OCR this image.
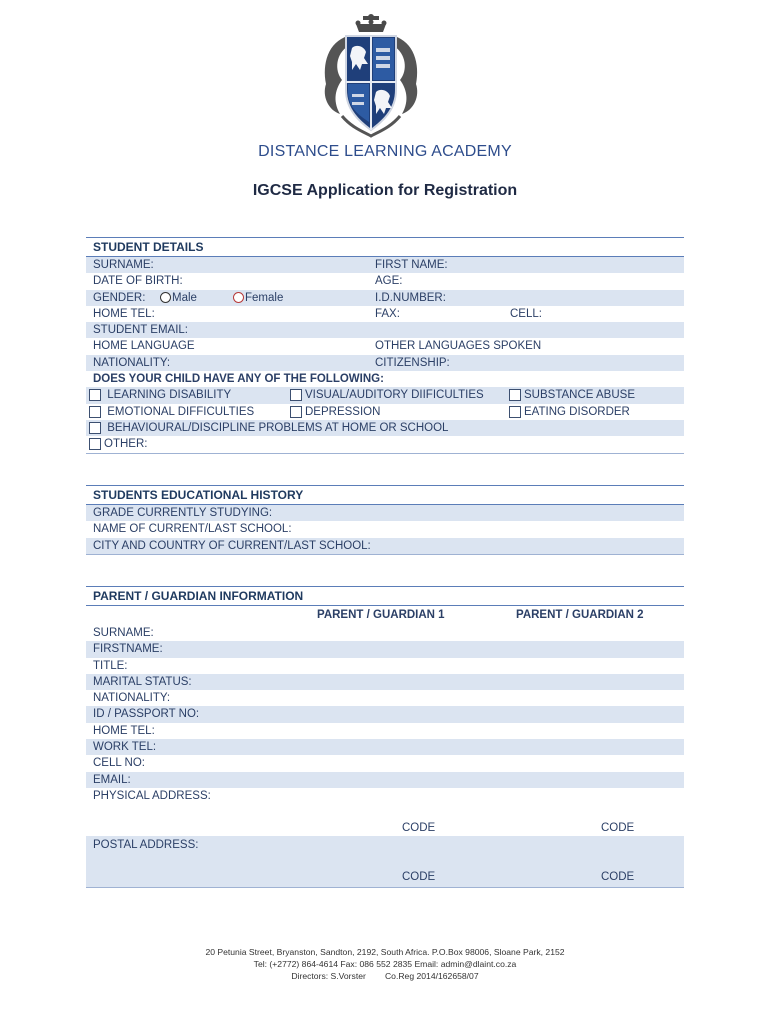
DISTANCE LEARNING ACADEMY
IGCSE Application for Registration
STUDENT DETAILS
SURNAME:	FIRST NAME:
DATE OF BIRTH:	AGE:
GENDER:	Male	Female	I.D.NUMBER:
HOME TEL:	FAX:	CELL:
STUDENT EMAIL:
HOME LANGUAGE	OTHER LANGUAGES SPOKEN
NATIONALITY:	CITIZENSHIP:
DOES YOUR CHILD HAVE ANY OF THE FOLLOWING:
LEARNING DISABILITY	VISUAL/AUDITORY DIIFICULTIES	SUBSTANCE ABUSE
EMOTIONAL DIFFICULTIES	DEPRESSION	EATING DISORDER
BEHAVIOURAL/DISCIPLINE PROBLEMS AT HOME OR SCHOOL
OTHER:
STUDENTS EDUCATIONAL HISTORY
GRADE CURRENTLY STUDYING:
NAME OF CURRENT/LAST SCHOOL:
CITY AND COUNTRY OF CURRENT/LAST SCHOOL:
PARENT / GUARDIAN INFORMATION
PARENT / GUARDIAN 1	PARENT / GUARDIAN 2
SURNAME:
FIRSTNAME:
TITLE:
MARITAL STATUS:
NATIONALITY:
ID / PASSPORT NO:
HOME TEL:
WORK TEL:
CELL NO:
EMAIL:
PHYSICAL ADDRESS:
CODE	CODE
POSTAL ADDRESS:
CODE	CODE
20 Petunia Street, Bryanston, Sandton, 2192, South Africa. P.O.Box 98006, Sloane Park, 2152
Tel: (+2772) 864-4614 Fax: 086 552 2835 Email: admin@dlaint.co.za
Directors: S.Vorster        Co.Reg 2014/162658/07
